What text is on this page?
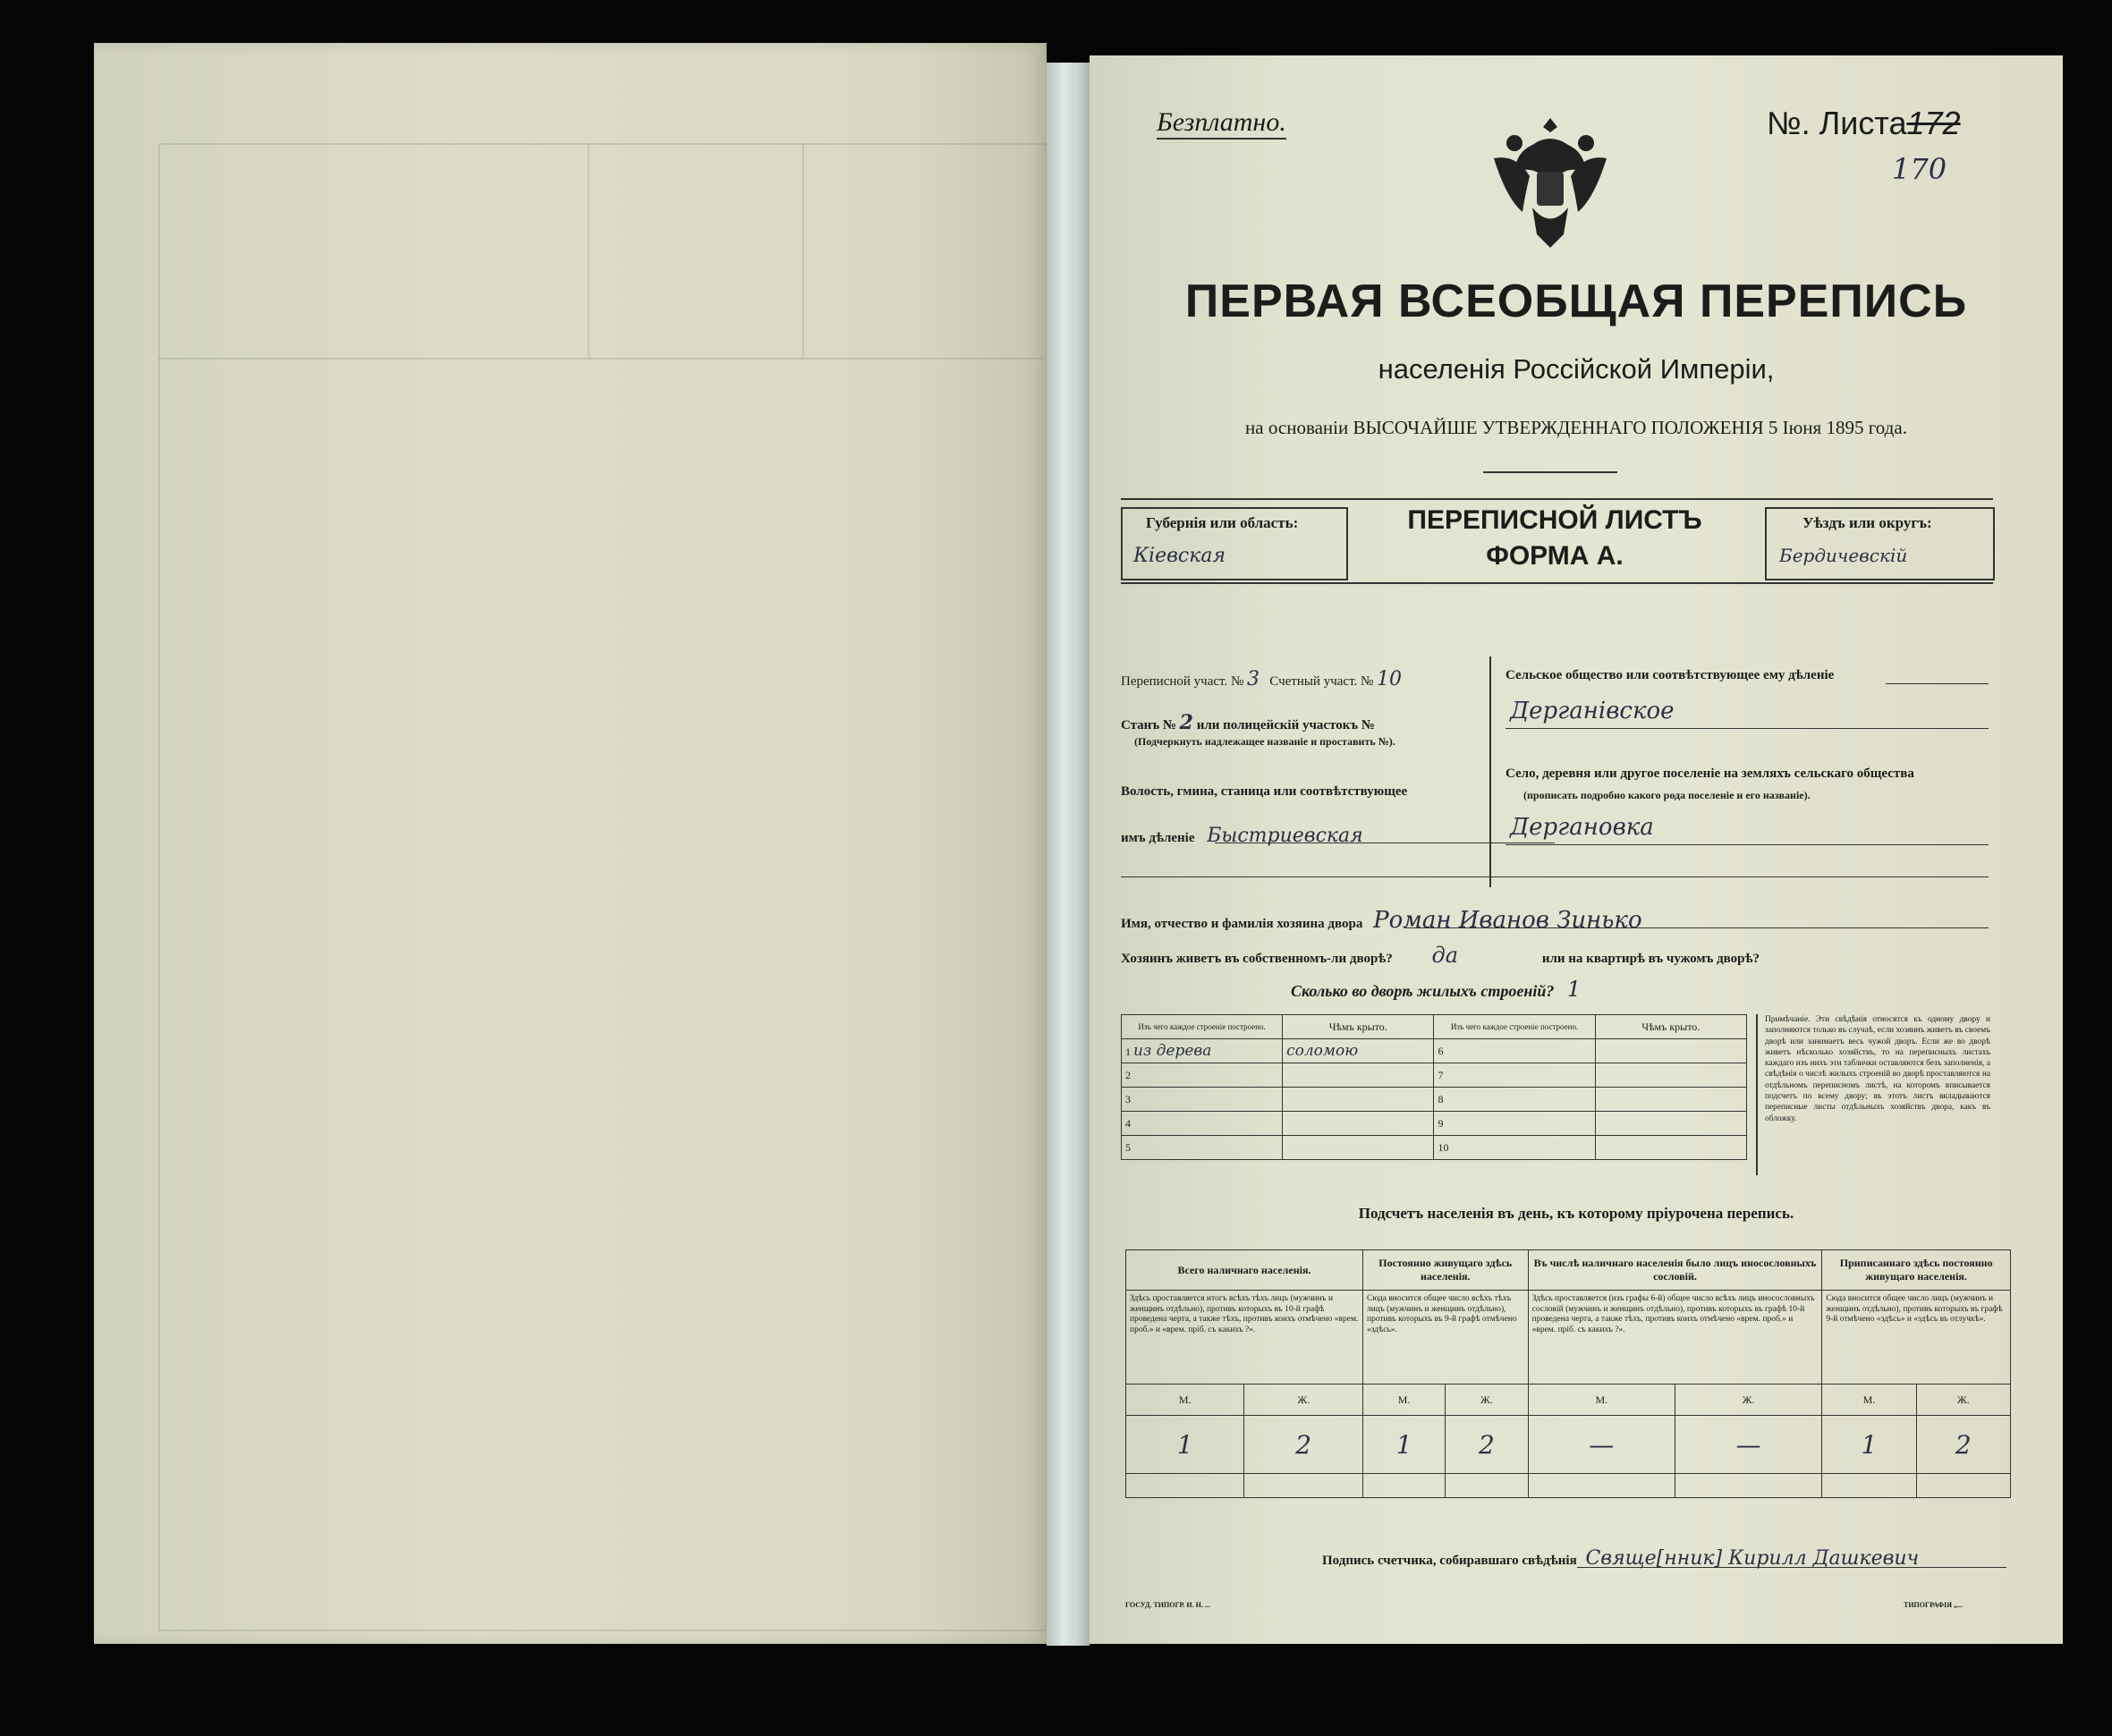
Безплатно.	№. Листа172
170
ПЕРВАЯ ВСЕОБЩАЯ ПЕРЕПИСЬ
населенія Россійской Имперіи,
на основаніи ВЫСОЧАЙШЕ УТВЕРЖДЕННАГО ПОЛОЖЕНІЯ 5 Іюня 1895 года.
Губернія или область:
Кіевская
ПЕРЕПИСНОЙ ЛИСТЪ
ФОРМА А.
Уѣздъ или округъ:
Бердичевскій
Переписной участ. № 3 Счетный участ. № 10
Станъ № 2 или полицейскій участокъ №
(Подчеркнуть надлежащее названіе и проставить №).
Волость, гмина, станица или соотвѣтствующее
имъ дѣленіе Быстриевская
Сельское общество или соотвѣтствующее ему дѣленіе
Дерганівское
Село, деревня или другое поселеніе на земляхъ сельскаго общества
(прописать подробно какого рода поселеніе и его названіе).
Дергановка
Имя, отчество и фамилія хозяина двора Роман Иванов Зинько
Хозяинъ живетъ въ собственномъ-ли дворѣ? да	или на квартирѣ въ чужомъ дворѣ?
Сколько во дворѣ жилыхъ строеній? 1
Изъ чего каждое строеніе построено.	Чѣмъ крыто.	Изъ чего каждое строеніе построено.	Чѣмъ крыто.
1 из дерева	соломою	6	
2		7	
3		8	
4		9	
5		10	
Примѣчаніе. Эти свѣдѣнія относятся къ одному двору и заполняются только въ случаѣ, если хозяинъ живетъ въ своемъ дворѣ или занимаетъ весь чужой дворъ. Если же во дворѣ живетъ нѣсколько хозяйствъ, то на переписныхъ листахъ каждаго изъ нихъ эти таблички оставляются безъ заполненія, а свѣдѣнія о числѣ жилыхъ строеній во дворѣ проставляются на отдѣльномъ переписномъ листѣ, на которомъ вписывается подсчетъ по всему двору; въ этотъ листъ вкладываются переписные листы отдѣльныхъ хозяйствъ двора, какъ въ обложку.
Подсчетъ населенія въ день, къ которому пріурочена перепись.
Всего наличнаго населенія.		Постоянно живущаго здѣсь населенія.		Въ числѣ наличнаго населенія было лицъ иносословныхъ сословій.		Приписаннаго здѣсь постоянно живущаго населенія.	
Здѣсь проставляется итогъ всѣхъ тѣхъ лицъ (мужчинъ и женщинъ отдѣльно), противъ которыхъ въ 10-й графѣ проведена черта, а также тѣхъ, противъ коихъ отмѣчено «врем. проб.» и «врем. пріб. съ какихъ ?».		Сюда вносится общее число всѣхъ тѣхъ лицъ (мужчинъ и женщинъ отдѣльно), противъ которыхъ въ 9-й графѣ отмѣчено «здѣсь».		Здѣсь проставляется (изъ графы 6-й) общее число всѣхъ лицъ иносословныхъ сословій (мужчинъ и женщинъ отдѣльно), противъ которыхъ въ графѣ 10-й проведена черта, а также тѣхъ, противъ коихъ отмѣчено «врем. проб.» и «врем. пріб. съ какихъ ?».		Сюда вносится общее число лицъ (мужчинъ и женщинъ отдѣльно), противъ которыхъ въ графѣ 9-й отмѣчено «здѣсь» и «здѣсь въ отлучкѣ».	
М.	Ж.	М.	Ж.	М.	Ж.	М.	Ж.
1	2	1	2	—	—	1	2

Подпись счетчика, собиравшаго свѣдѣнія Свяще[нник] Кирилл Дашкевич
ГОСУД. ТИПОГР. И. Н. ...	ТИПОГРАФІЯ „...
